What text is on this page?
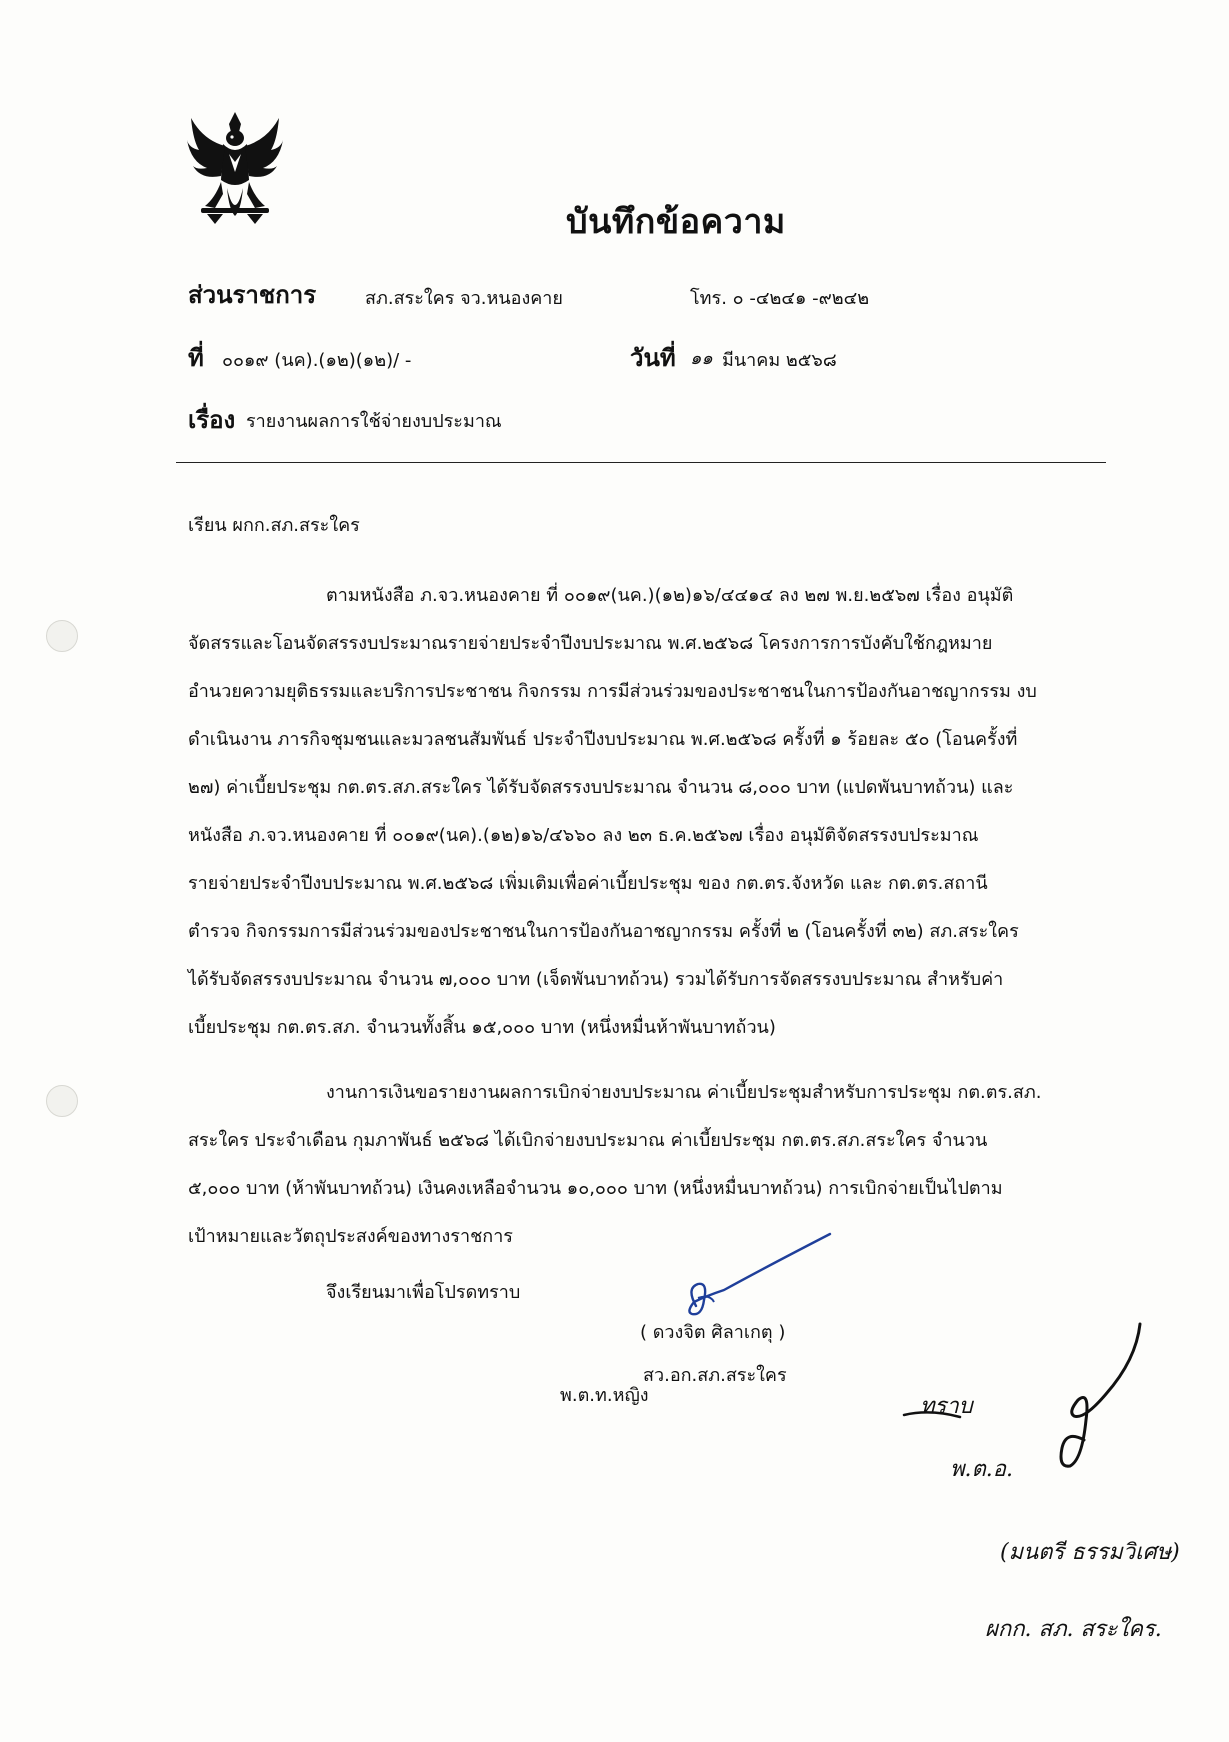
บันทึกข้อความ
ส่วนราชการ	สภ.สระใคร จว.หนองคาย	โทร. ๐ -๔๒๔๑ -๙๒๔๒
ที่ ๐๐๑๙ (นค).(๑๒)(๑๒)/ -	วันที่ ๑๑ มีนาคม ๒๕๖๘
เรื่อง รายงานผลการใช้จ่ายงบประมาณ
เรียน ผกก.สภ.สระใคร
ตามหนังสือ ภ.จว.หนองคาย ที่ ๐๐๑๙(นค.)(๑๒)๑๖/๔๔๑๔ ลง ๒๗ พ.ย.๒๕๖๗ เรื่อง อนุมัติ
จัดสรรและโอนจัดสรรงบประมาณรายจ่ายประจำปีงบประมาณ พ.ศ.๒๕๖๘ โครงการการบังคับใช้กฎหมาย
อำนวยความยุติธรรมและบริการประชาชน กิจกรรม การมีส่วนร่วมของประชาชนในการป้องกันอาชญากรรม งบ
ดำเนินงาน ภารกิจชุมชนและมวลชนสัมพันธ์ ประจำปีงบประมาณ พ.ศ.๒๕๖๘ ครั้งที่ ๑ ร้อยละ ๕๐ (โอนครั้งที่
๒๗) ค่าเบี้ยประชุม กต.ตร.สภ.สระใคร ได้รับจัดสรรงบประมาณ จำนวน ๘,๐๐๐ บาท (แปดพันบาทถ้วน) และ
หนังสือ ภ.จว.หนองคาย ที่ ๐๐๑๙(นค).(๑๒)๑๖/๔๖๖๐ ลง ๒๓ ธ.ค.๒๕๖๗ เรื่อง อนุมัติจัดสรรงบประมาณ
รายจ่ายประจำปีงบประมาณ พ.ศ.๒๕๖๘ เพิ่มเติมเพื่อค่าเบี้ยประชุม ของ กต.ตร.จังหวัด และ กต.ตร.สถานี
ตำรวจ กิจกรรมการมีส่วนร่วมของประชาชนในการป้องกันอาชญากรรม ครั้งที่ ๒ (โอนครั้งที่ ๓๒) สภ.สระใคร
ได้รับจัดสรรงบประมาณ จำนวน ๗,๐๐๐ บาท (เจ็ดพันบาทถ้วน) รวมได้รับการจัดสรรงบประมาณ สำหรับค่า
เบี้ยประชุม กต.ตร.สภ. จำนวนทั้งสิ้น ๑๕,๐๐๐ บาท (หนึ่งหมื่นห้าพันบาทถ้วน)
งานการเงินขอรายงานผลการเบิกจ่ายงบประมาณ ค่าเบี้ยประชุมสำหรับการประชุม กต.ตร.สภ.
สระใคร ประจำเดือน กุมภาพันธ์ ๒๕๖๘ ได้เบิกจ่ายงบประมาณ ค่าเบี้ยประชุม กต.ตร.สภ.สระใคร จำนวน
๕,๐๐๐ บาท (ห้าพันบาทถ้วน) เงินคงเหลือจำนวน ๑๐,๐๐๐ บาท (หนึ่งหมื่นบาทถ้วน) การเบิกจ่ายเป็นไปตาม
เป้าหมายและวัตถุประสงค์ของทางราชการ
จึงเรียนมาเพื่อโปรดทราบ
พ.ต.ท.หญิง
( ดวงจิต ศิลาเกตุ )
สว.อก.สภ.สระใคร
ทราบ
พ.ต.อ.
(มนตรี ธรรมวิเศษ)
ผกก. สภ. สระใคร.
